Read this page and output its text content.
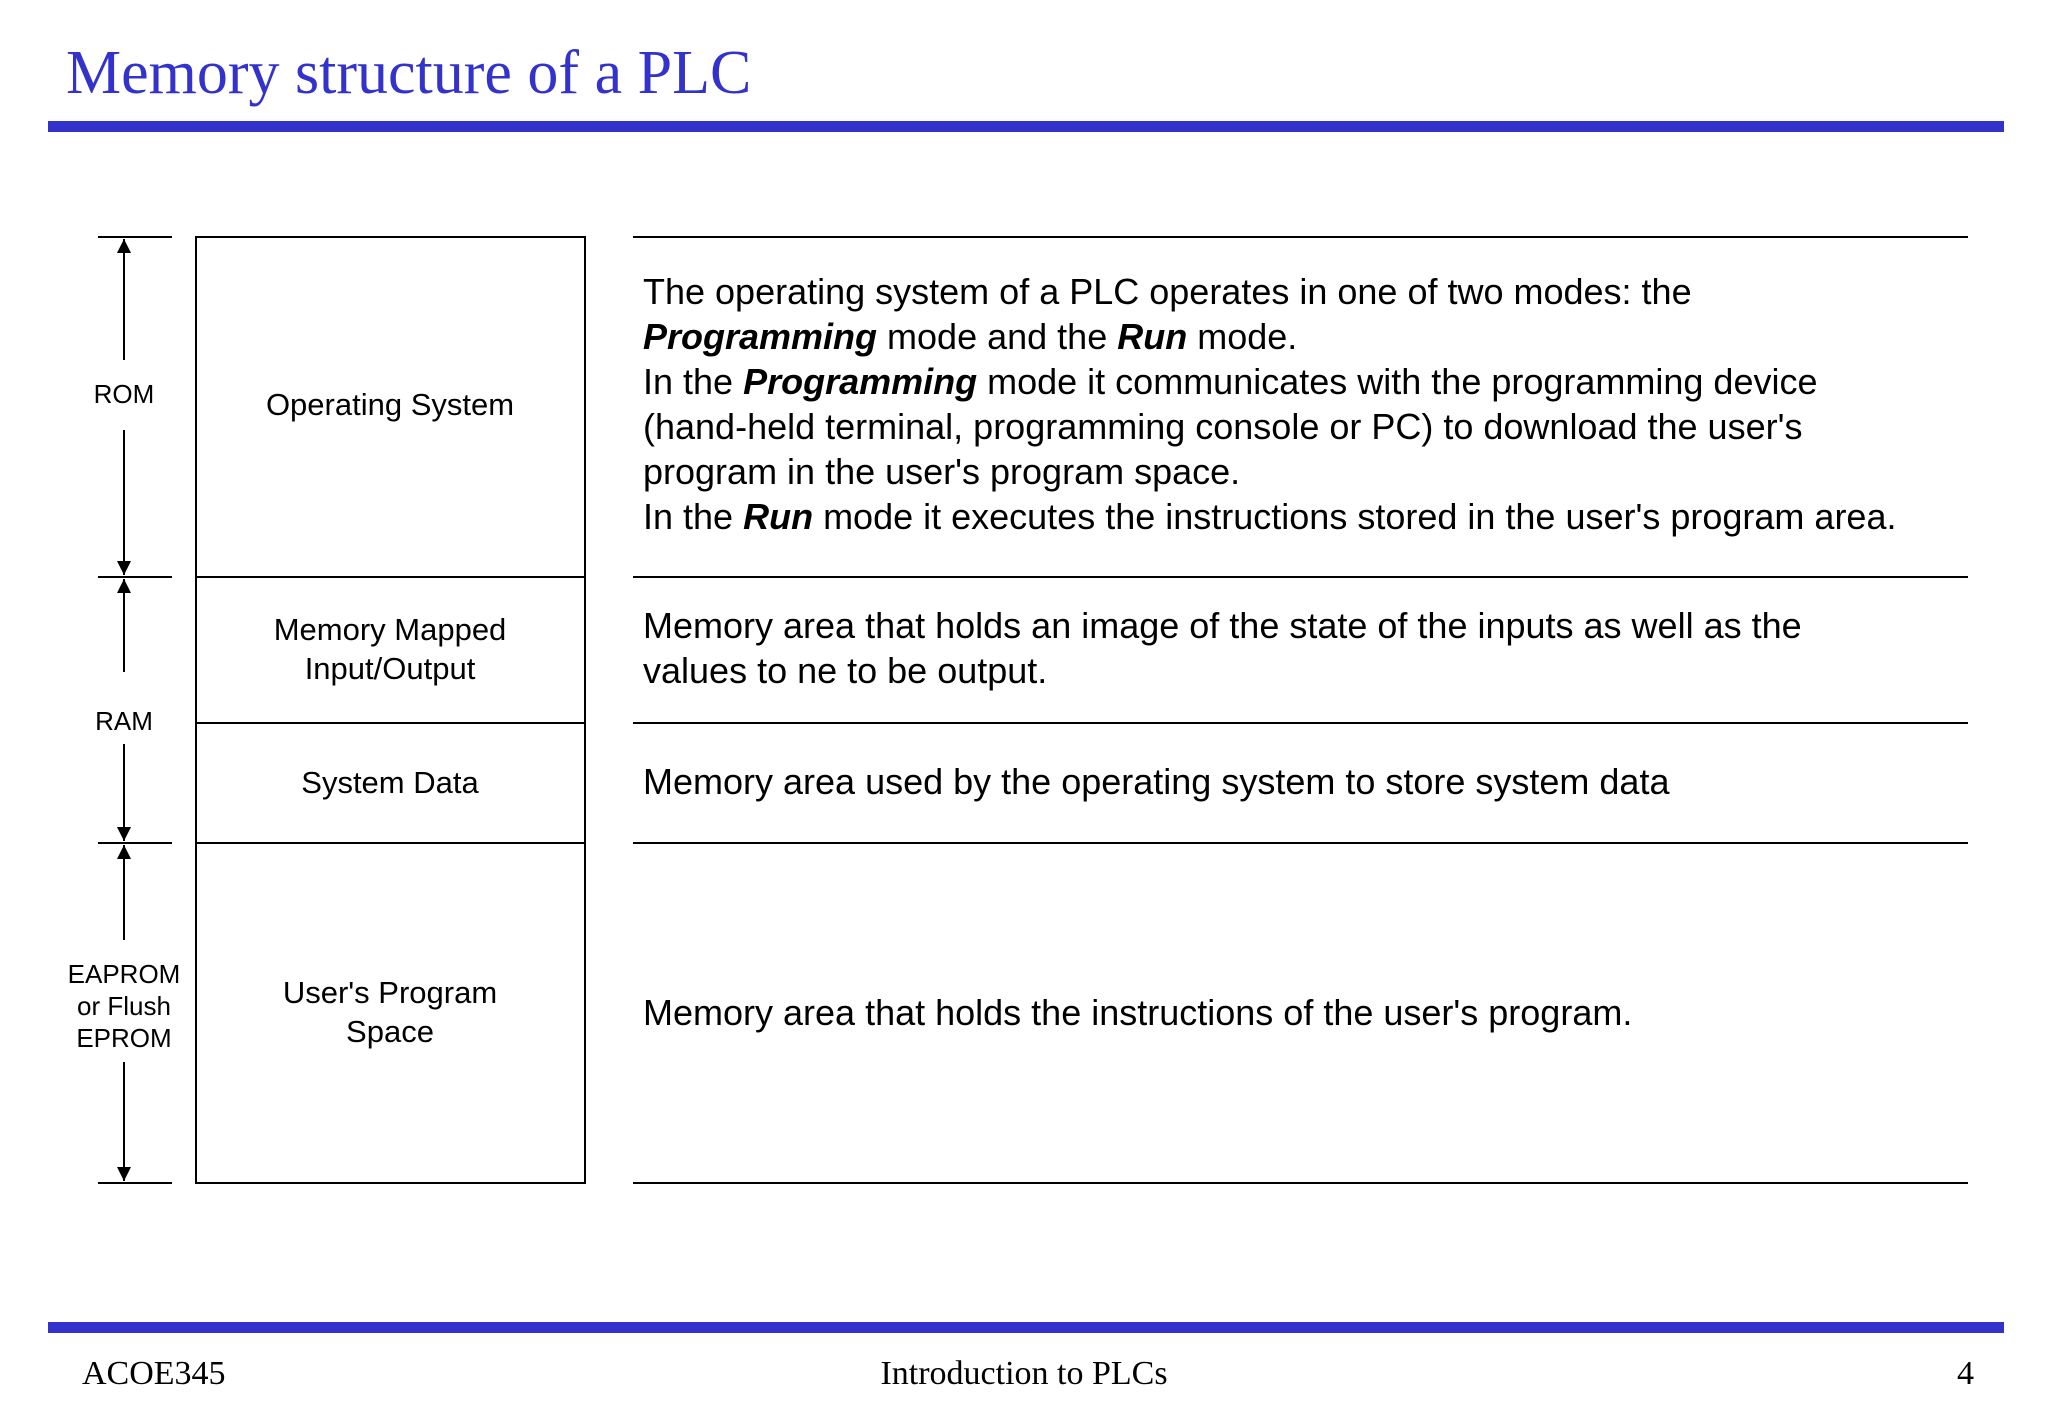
Memory structure of a PLC
ROM
RAM
EAPROM
or Flush
EPROM
Operating System
Memory Mapped
Input/Output
System Data
User's Program
Space
The operating system of a PLC operates in one of two modes: the
Programming mode and the Run mode.
In the Programming mode it communicates with the programming device
(hand-held terminal, programming console or PC) to download the user's
program in the user's program space.
In the Run mode it executes the instructions stored in the user's program area.
Memory area that holds an image of the state of the inputs as well as the values to ne to be output.
Memory area used by the operating system to store system data
Memory area that holds the instructions of the user's program.
ACOE345	Introduction to PLCs	4
